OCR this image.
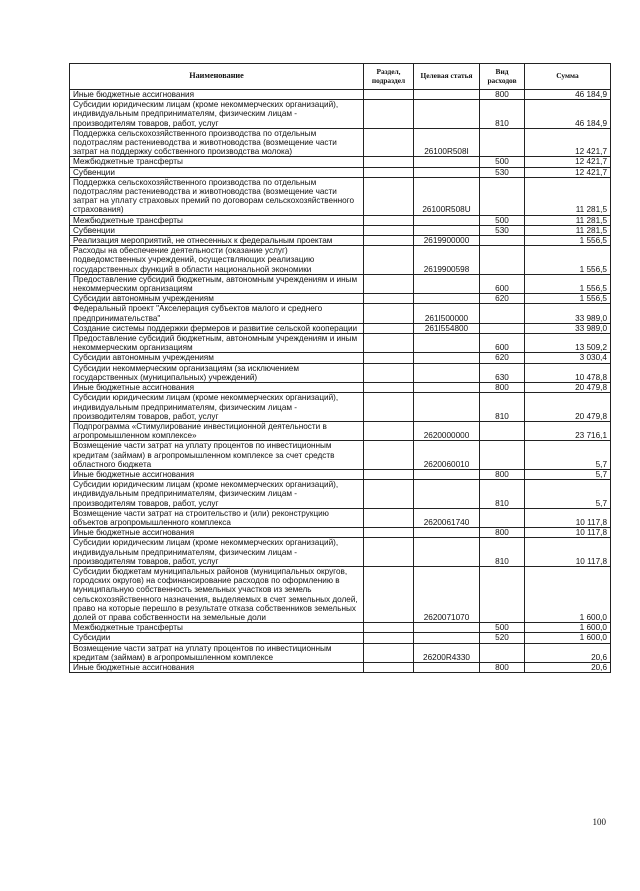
Наименование	Раздел, подраздел	Целевая статья	Вид расходов	Сумма
Иные бюджетные ассигнования			800	46 184,9
Субсидии юридическим лицам (кроме некоммерческих организаций), индивидуальным предпринимателям, физическим лицам - производителям товаров, работ, услуг			810	46 184,9
Поддержка сельскохозяйственного производства по отдельным подотраслям растениеводства и животноводства (возмещение части затрат на поддержку собственного производства молока)		26100R508I		12 421,7
Межбюджетные трансферты			500	12 421,7
Субвенции			530	12 421,7
Поддержка сельскохозяйственного производства по отдельным подотраслям растениеводства и животноводства (возмещение части затрат на уплату страховых премий по договорам сельскохозяйственного страхования)		26100R508U		11 281,5
Межбюджетные трансферты			500	11 281,5
Субвенции			530	11 281,5
Реализация мероприятий, не отнесенных к федеральным проектам		2619900000		1 556,5
Расходы на обеспечение деятельности (оказание услуг) подведомственных учреждений, осуществляющих реализацию государственных функций в области национальной экономики		2619900598		1 556,5
Предоставление субсидий бюджетным, автономным учреждениям и иным некоммерческим организациям			600	1 556,5
Субсидии автономным учреждениям			620	1 556,5
Федеральный проект "Акселерация субъектов малого и среднего предпринимательства"		261I500000		33 989,0
Создание системы поддержки фермеров и развитие сельской кооперации		261I554800		33 989,0
Предоставление субсидий бюджетным, автономным учреждениям и иным некоммерческим организациям			600	13 509,2
Субсидии автономным учреждениям			620	3 030,4
Субсидии некоммерческим организациям (за исключением государственных (муниципальных) учреждений)			630	10 478,8
Иные бюджетные ассигнования			800	20 479,8
Субсидии юридическим лицам (кроме некоммерческих организаций), индивидуальным предпринимателям, физическим лицам - производителям товаров, работ, услуг			810	20 479,8
Подпрограмма «Стимулирование инвестиционной деятельности в агропромышленном комплексе»		2620000000		23 716,1
Возмещение части затрат на уплату процентов по инвестиционным кредитам (займам) в агропромышленном комплексе за счет средств областного бюджета		2620060010		5,7
Иные бюджетные ассигнования			800	5,7
Субсидии юридическим лицам (кроме некоммерческих организаций), индивидуальным предпринимателям, физическим лицам - производителям товаров, работ, услуг			810	5,7
Возмещение части затрат на строительство и (или) реконструкцию объектов агропромышленного комплекса		2620061740		10 117,8
Иные бюджетные ассигнования			800	10 117,8
Субсидии юридическим лицам (кроме некоммерческих организаций), индивидуальным предпринимателям, физическим лицам - производителям товаров, работ, услуг			810	10 117,8
Субсидии бюджетам муниципальных районов (муниципальных округов, городских округов) на софинансирование расходов по оформлению в муниципальную собственность земельных участков из земель сельскохозяйственного назначения, выделяемых в счет земельных долей, право на которые перешло в результате отказа собственников земельных долей от права собственности на земельные доли		2620071070		1 600,0
Межбюджетные трансферты			500	1 600,0
Субсидии			520	1 600,0
Возмещение части затрат на уплату процентов по инвестиционным кредитам (займам) в агропромышленном комплексе		26200R4330		20,6
Иные бюджетные ассигнования			800	20,6
100
